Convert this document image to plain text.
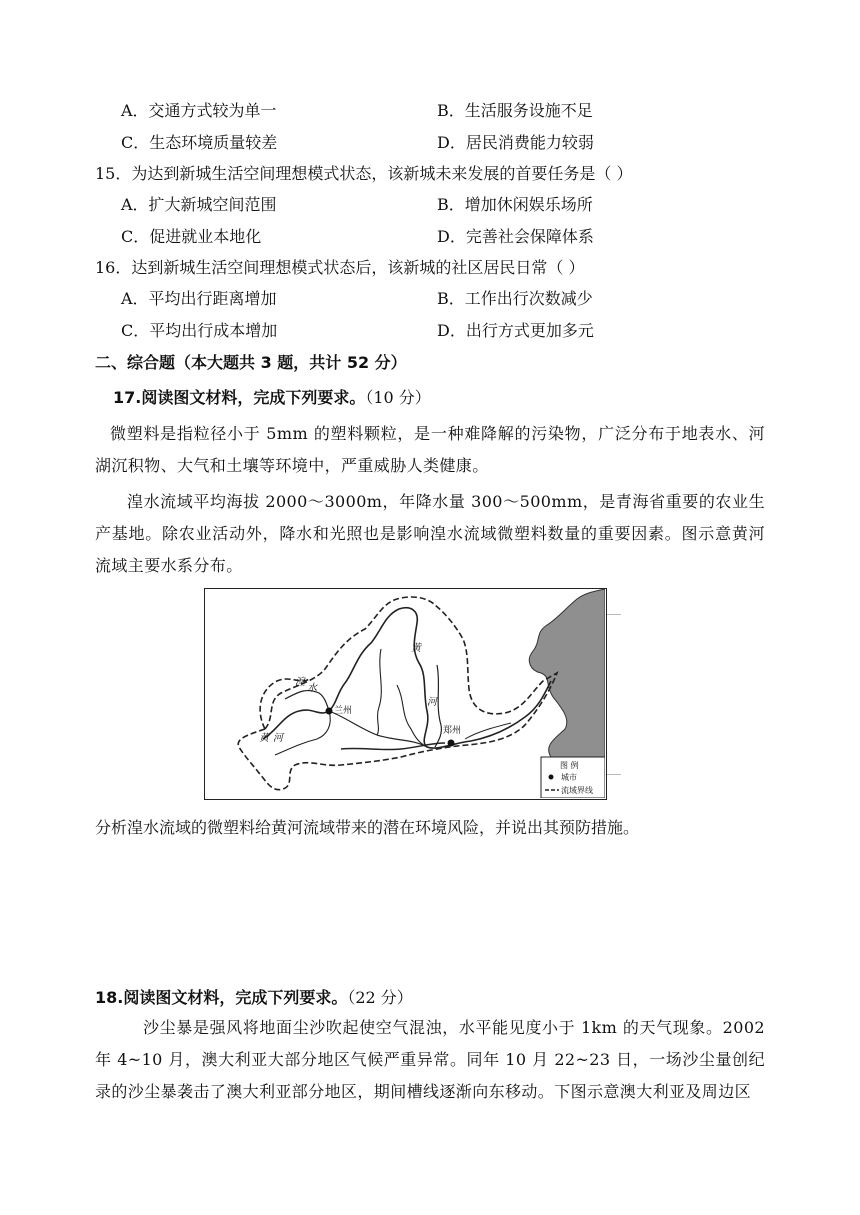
A．交通方式较为单一	B．生活服务设施不足
C．生态环境质量较差	D．居民消费能力较弱
15．为达到新城生活空间理想模式状态，该新城未来发展的首要任务是（ ）
A．扩大新城空间范围	B．增加休闲娱乐场所
C．促进就业本地化	D．完善社会保障体系
16．达到新城生活空间理想模式状态后，该新城的社区居民日常（ ）
A．平均出行距离增加	B．工作出行次数减少
C．平均出行成本增加	D．出行方式更加多元
二、综合题（本大题共 3 题，共计 52 分）
17.阅读图文材料，完成下列要求。（10 分）
微塑料是指粒径小于 5mm 的塑料颗粒，是一种难降解的污染物，广泛分布于地表水、河湖沉积物、大气和土壤等环境中，严重威胁人类健康。
湟水流域平均海拔 2000～3000m，年降水量 300～500mm，是青海省重要的农业生产基地。除农业活动外，降水和光照也是影响湟水流域微塑料数量的重要因素。图示意黄河流域主要水系分布。
黄
河
湟
水
黄 河
兰州
郑州
图 例
城市
流域界线
分析湟水流域的微塑料给黄河流域带来的潜在环境风险，并说出其预防措施。
18.阅读图文材料，完成下列要求。（22 分）
沙尘暴是强风将地面尘沙吹起使空气混浊，水平能见度小于 1km 的天气现象。2002 年 4~10 月，澳大利亚大部分地区气候严重异常。同年 10 月 22~23 日，一场沙尘量创纪录的沙尘暴袭击了澳大利亚部分地区，期间槽线逐渐向东移动。下图示意澳大利亚及周边区
